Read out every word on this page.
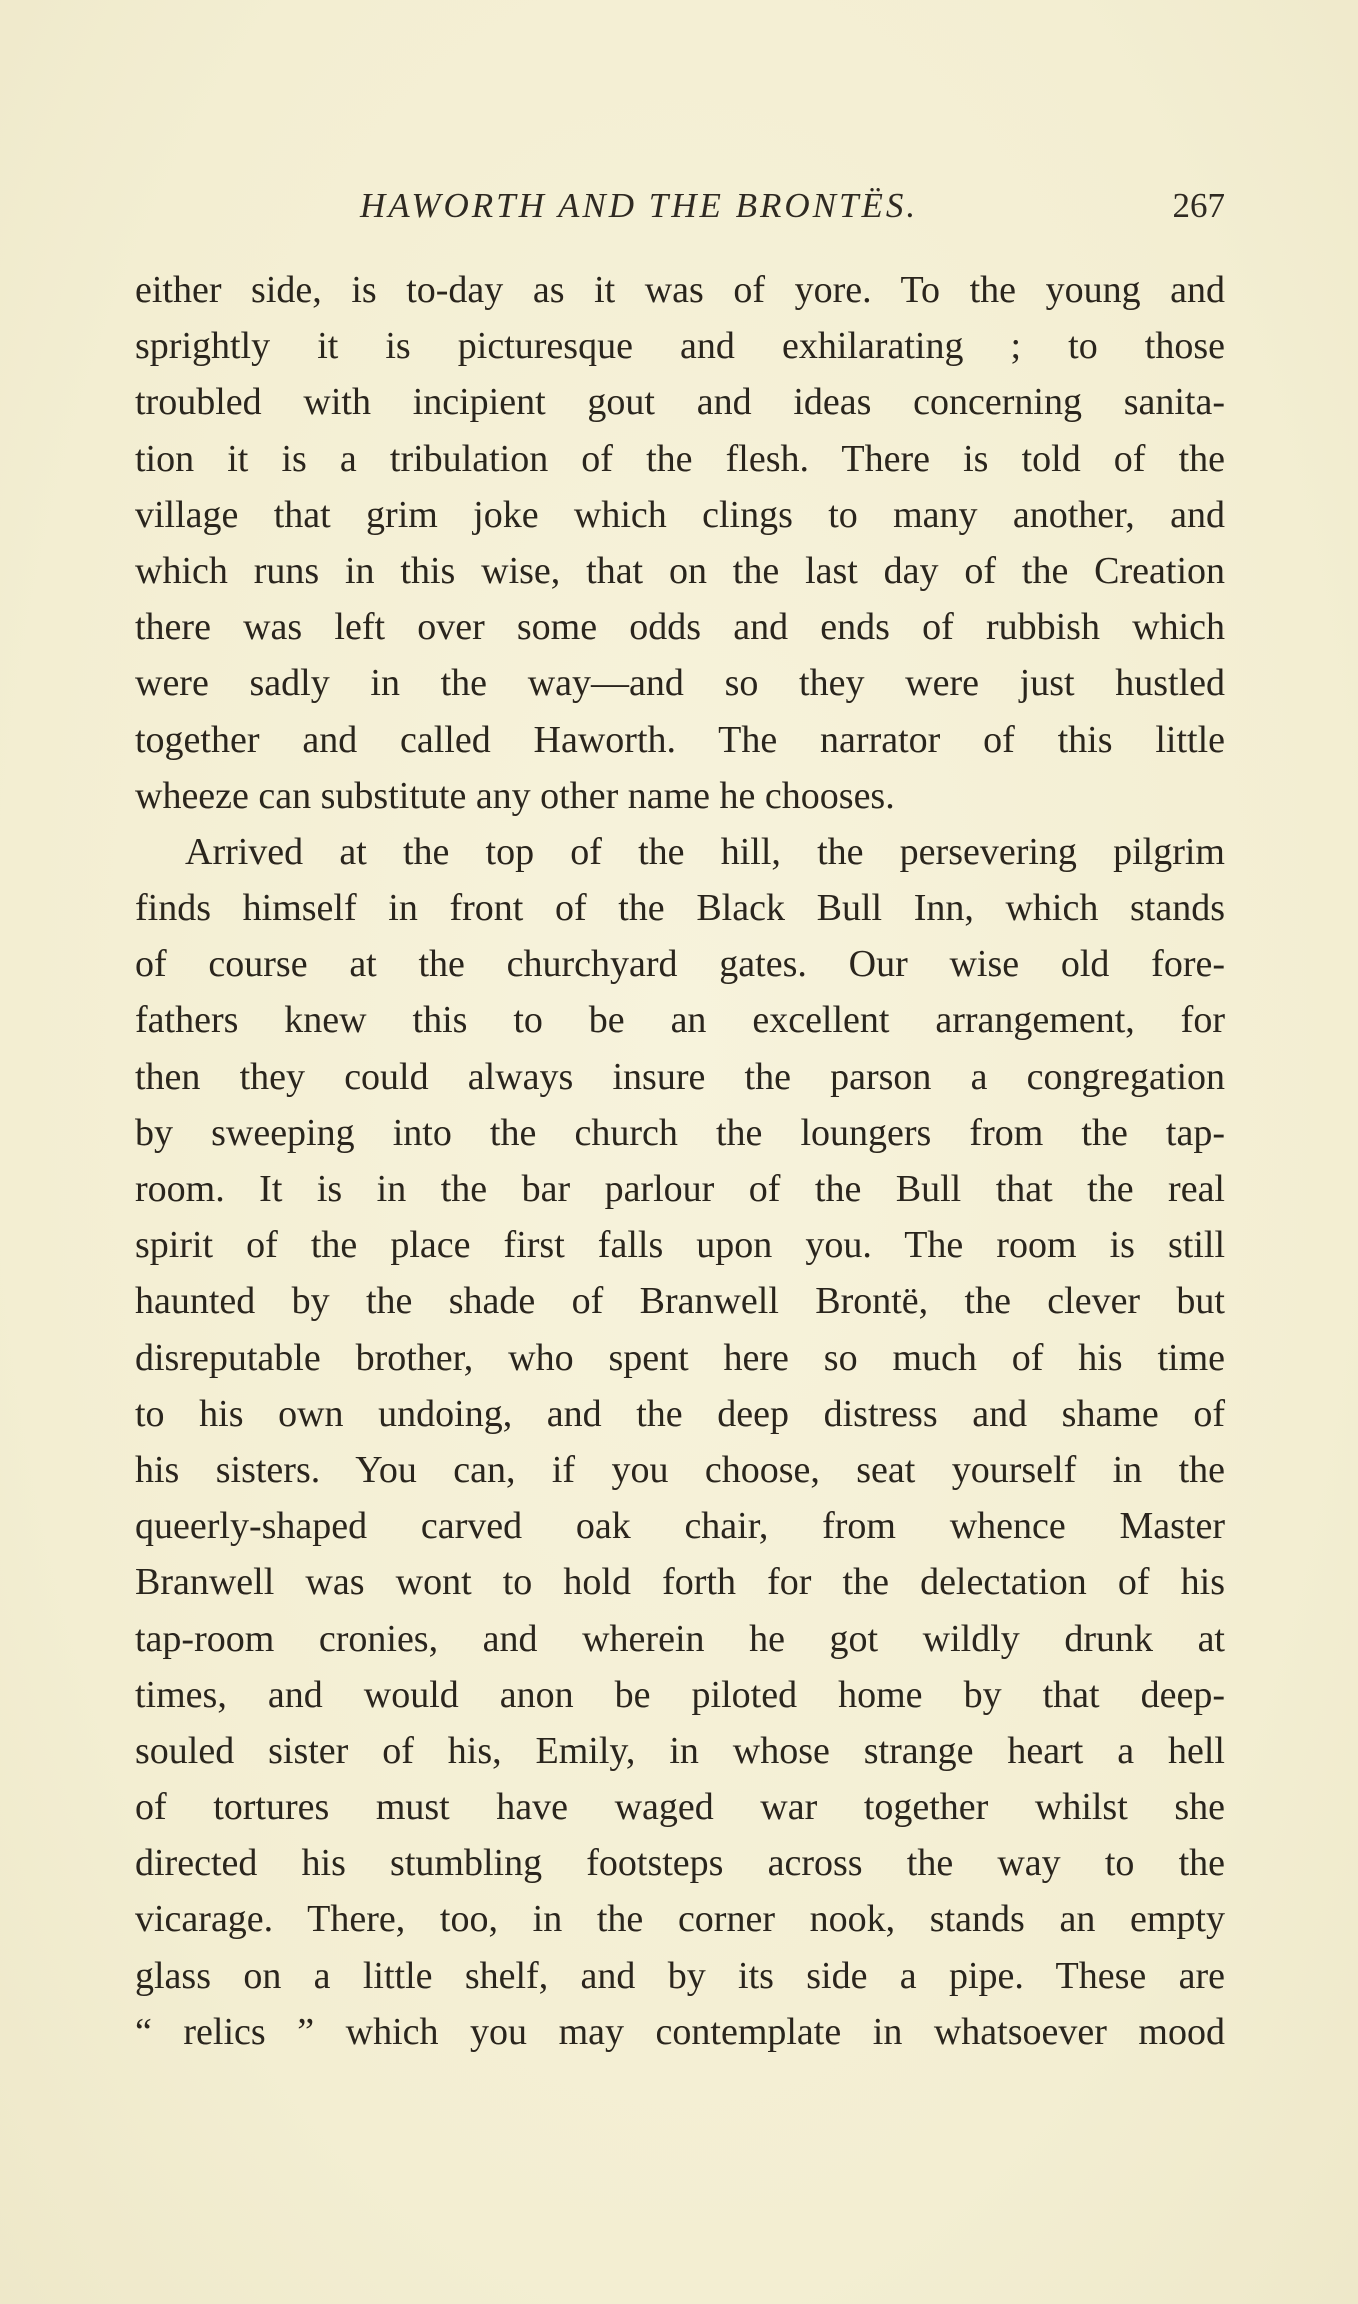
HAWORTH AND THE BRONTËS.	267
either side, is to-day as it was of yore. To the young and
sprightly it is picturesque and exhilarating ; to those
troubled with incipient gout and ideas concerning sanita-
tion it is a tribulation of the flesh. There is told of the
village that grim joke which clings to many another, and
which runs in this wise, that on the last day of the Creation
there was left over some odds and ends of rubbish which
were sadly in the way—and so they were just hustled
together and called Haworth. The narrator of this little
wheeze can substitute any other name he chooses.
Arrived at the top of the hill, the persevering pilgrim
finds himself in front of the Black Bull Inn, which stands
of course at the churchyard gates. Our wise old fore-
fathers knew this to be an excellent arrangement, for
then they could always insure the parson a congregation
by sweeping into the church the loungers from the tap-
room. It is in the bar parlour of the Bull that the real
spirit of the place first falls upon you. The room is still
haunted by the shade of Branwell Brontë, the clever but
disreputable brother, who spent here so much of his time
to his own undoing, and the deep distress and shame of
his sisters. You can, if you choose, seat yourself in the
queerly-shaped carved oak chair, from whence Master
Branwell was wont to hold forth for the delectation of his
tap-room cronies, and wherein he got wildly drunk at
times, and would anon be piloted home by that deep-
souled sister of his, Emily, in whose strange heart a hell
of tortures must have waged war together whilst she
directed his stumbling footsteps across the way to the
vicarage. There, too, in the corner nook, stands an empty
glass on a little shelf, and by its side a pipe. These are
“ relics ” which you may contemplate in whatsoever mood
